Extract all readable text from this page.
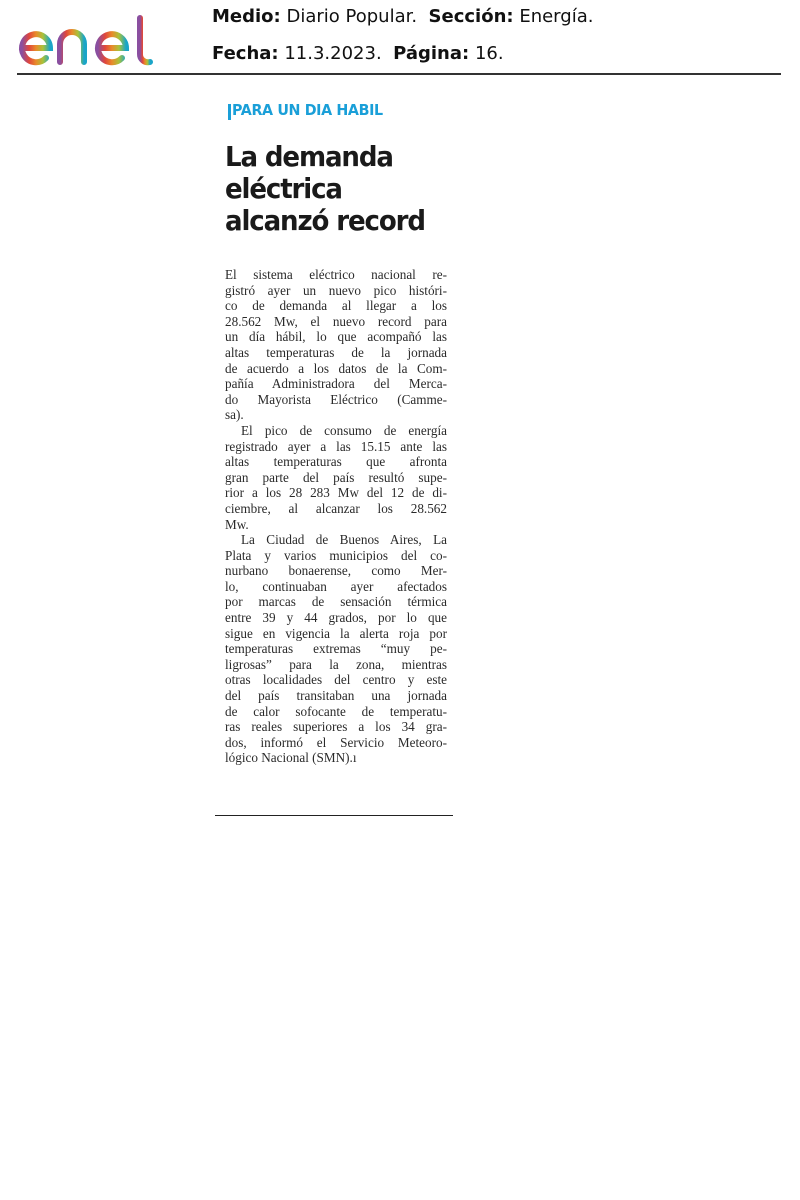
Medio: Diario Popular. Sección: Energía.
Fecha: 11.3.2023. Página: 16.
PARA UN DIA HABIL
La demanda
eléctrica
alcanzó record
El sistema eléctrico nacional re-
gistró ayer un nuevo pico históri-
co de demanda al llegar a los
28.562 Mw, el nuevo record para
un día hábil, lo que acompañó las
altas temperaturas de la jornada
de acuerdo a los datos de la Com-
pañía Administradora del Merca-
do Mayorista Eléctrico (Cammе-
sa).
El pico de consumo de energía
registrado ayer a las 15.15 ante las
altas temperaturas que afronta
gran parte del país resultó supe-
rior a los 28 283 Mw del 12 de di-
ciembre, al alcanzar los 28.562
Mw.
La Ciudad de Buenos Aires, La
Plata y varios municipios del co-
nurbano bonaerense, como Mer-
lo, continuaban ayer afectados
por marcas de sensación térmica
entre 39 y 44 grados, por lo que
sigue en vigencia la alerta roja por
temperaturas extremas “muy pe-
ligrosas” para la zona, mientras
otras localidades del centro y este
del país transitaban una jornada
de calor sofocante de temperatu-
ras reales superiores a los 34 gra-
dos, informó el Servicio Meteoro-
lógico Nacional (SMN).ı
